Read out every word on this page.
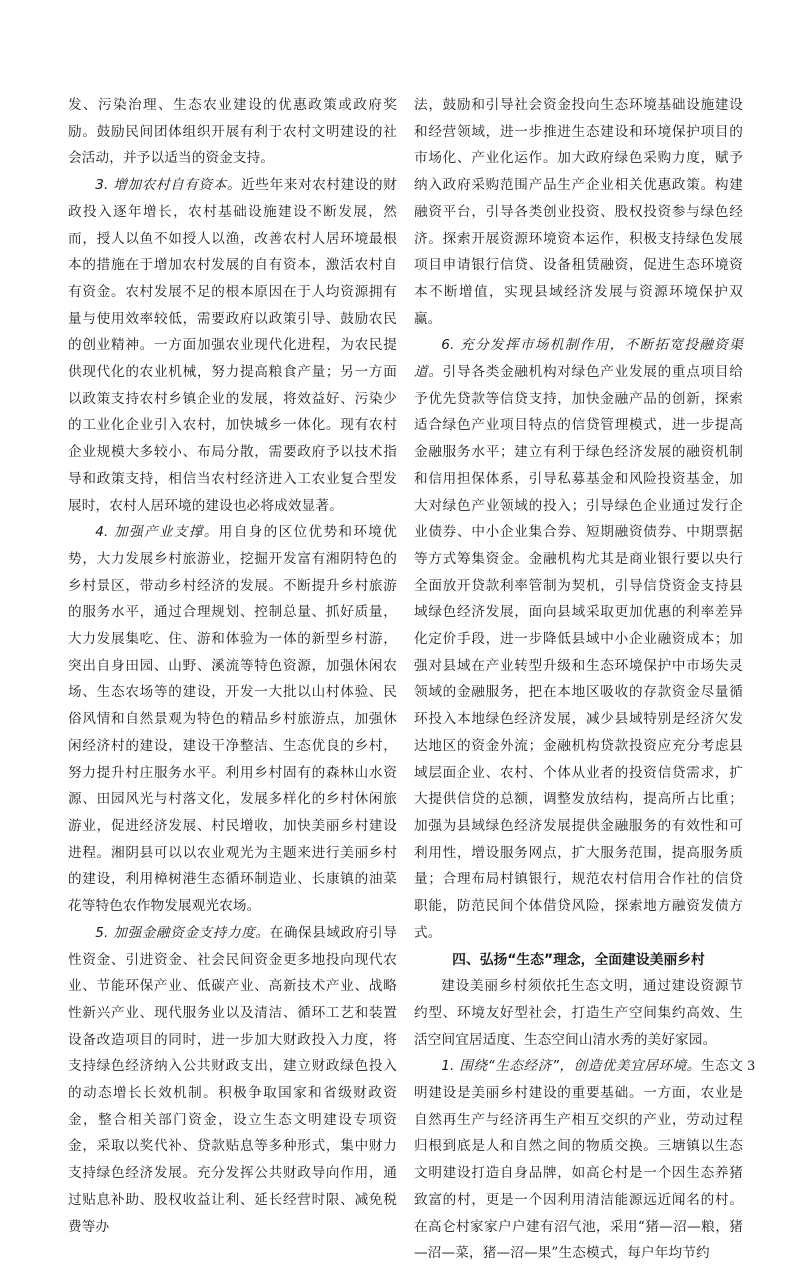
发、污染治理、生态农业建设的优惠政策或政府奖励。鼓励民间团体组织开展有利于农村文明建设的社会活动，并予以适当的资金支持。

3. 增加农村自有资本。近些年来对农村建设的财政投入逐年增长，农村基础设施建设不断发展，然而，授人以鱼不如授人以渔，改善农村人居环境最根本的措施在于增加农村发展的自有资本，激活农村自有资金。农村发展不足的根本原因在于人均资源拥有量与使用效率较低，需要政府以政策引导、鼓励农民的创业精神。一方面加强农业现代化进程，为农民提供现代化的农业机械，努力提高粮食产量；另一方面以政策支持农村乡镇企业的发展，将效益好、污染少的工业化企业引入农村，加快城乡一体化。现有农村企业规模大多较小、布局分散，需要政府予以技术指导和政策支持，相信当农村经济进入工农业复合型发展时，农村人居环境的建设也必将成效显著。

4. 加强产业支撑。用自身的区位优势和环境优势，大力发展乡村旅游业，挖掘开发富有湘阴特色的乡村景区，带动乡村经济的发展。不断提升乡村旅游的服务水平，通过合理规划、控制总量、抓好质量，大力发展集吃、住、游和体验为一体的新型乡村游，突出自身田园、山野、溪流等特色资源，加强休闲农场、生态农场等的建设，开发一大批以山村体验、民俗风情和自然景观为特色的精品乡村旅游点，加强休闲经济村的建设，建设干净整洁、生态优良的乡村，努力提升村庄服务水平。利用乡村固有的森林山水资源、田园风光与村落文化，发展多样化的乡村休闲旅游业，促进经济发展、村民增收，加快美丽乡村建设进程。湘阴县可以以农业观光为主题来进行美丽乡村的建设，利用樟树港生态循环制造业、长康镇的油菜花等特色农作物发展观光农场。

5. 加强金融资金支持力度。在确保县域政府引导性资金、引进资金、社会民间资金更多地投向现代农业、节能环保产业、低碳产业、高新技术产业、战略性新兴产业、现代服务业以及清洁、循环工艺和装置设备改造项目的同时，进一步加大财政投入力度，将支持绿色经济纳入公共财政支出，建立财政绿色投入的动态增长长效机制。积极争取国家和省级财政资金，整合相关部门资金，设立生态文明建设专项资金，采取以奖代补、贷款贴息等多种形式，集中财力支持绿色经济发展。充分发挥公共财政导向作用，通过贴息补助、股权收益让利、延长经营时限、减免税费等办

法，鼓励和引导社会资金投向生态环境基础设施建设和经营领域，进一步推进生态建设和环境保护项目的市场化、产业化运作。加大政府绿色采购力度，赋予纳入政府采购范围产品生产企业相关优惠政策。构建融资平台，引导各类创业投资、股权投资参与绿色经济。探索开展资源环境资本运作，积极支持绿色发展项目申请银行信贷、设备租赁融资，促进生态环境资本不断增值，实现县域经济发展与资源环境保护双赢。

6. 充分发挥市场机制作用，不断拓宽投融资渠道。引导各类金融机构对绿色产业发展的重点项目给予优先贷款等信贷支持，加快金融产品的创新，探索适合绿色产业项目特点的信贷管理模式，进一步提高金融服务水平；建立有利于绿色经济发展的融资机制和信用担保体系，引导私募基金和风险投资基金，加大对绿色产业领域的投入；引导绿色企业通过发行企业债券、中小企业集合券、短期融资债券、中期票据等方式筹集资金。金融机构尤其是商业银行要以央行全面放开贷款利率管制为契机，引导信贷资金支持县域绿色经济发展，面向县域采取更加优惠的利率差异化定价手段，进一步降低县域中小企业融资成本；加强对县域在产业转型升级和生态环境保护中市场失灵领域的金融服务，把在本地区吸收的存款资金尽量循环投入本地绿色经济发展，减少县域特别是经济欠发达地区的资金外流；金融机构贷款投资应充分考虑县域层面企业、农村、个体从业者的投资信贷需求，扩大提供信贷的总额，调整发放结构，提高所占比重；加强为县域绿色经济发展提供金融服务的有效性和可利用性，增设服务网点，扩大服务范围，提高服务质量；合理布局村镇银行，规范农村信用合作社的信贷职能，防范民间个体借贷风险，探索地方融资发债方式。

四、弘扬“生态”理念，全面建设美丽乡村

建设美丽乡村须依托生态文明，通过建设资源节约型、环境友好型社会，打造生产空间集约高效、生活空间宜居适度、生态空间山清水秀的美好家园。

1. 围绕“生态经济”，创造优美宜居环境。生态文明建设是美丽乡村建设的重要基础。一方面，农业是自然再生产与经济再生产相互交织的产业，劳动过程归根到底是人和自然之间的物质交换。三塘镇以生态文明建设打造自身品牌，如高仑村是一个因生态养猪致富的村，更是一个因利用清洁能源远近闻名的村。在高仑村家家户户建有沼气池，采用“猪—沼—粮，猪—沼—菜，猪—沼—果”生态模式，每户年均节约

3
